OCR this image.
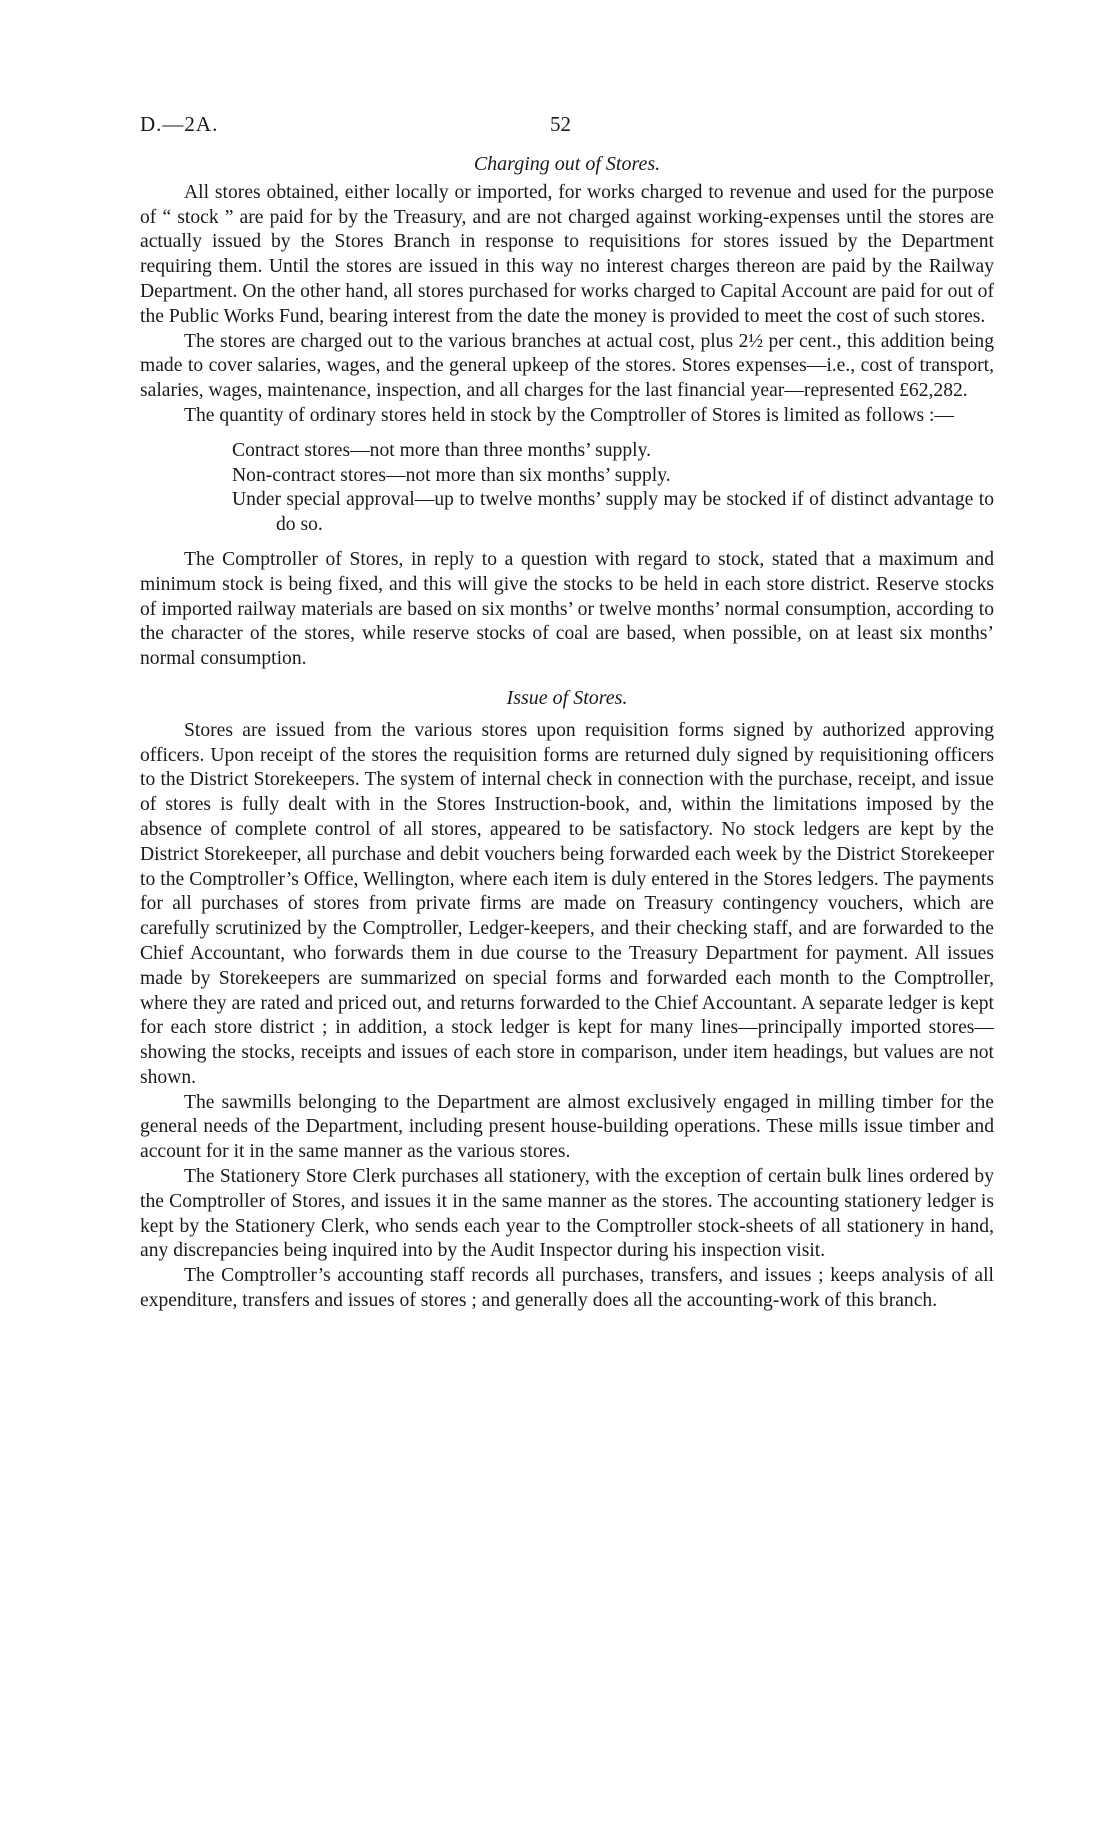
D.—2A.	52
Charging out of Stores.

All stores obtained, either locally or imported, for works charged to revenue and used for the purpose of “ stock ” are paid for by the Treasury, and are not charged against working-expenses until the stores are actually issued by the Stores Branch in response to requisitions for stores issued by the Department requiring them. Until the stores are issued in this way no interest charges thereon are paid by the Railway Department. On the other hand, all stores purchased for works charged to Capital Account are paid for out of the Public Works Fund, bearing interest from the date the money is provided to meet the cost of such stores.

The stores are charged out to the various branches at actual cost, plus 2½ per cent., this addition being made to cover salaries, wages, and the general upkeep of the stores. Stores expenses—i.e., cost of transport, salaries, wages, maintenance, inspection, and all charges for the last financial year—represented £62,282.

The quantity of ordinary stores held in stock by the Comptroller of Stores is limited as follows :—

Contract stores—not more than three months’ supply.

Non-contract stores—not more than six months’ supply.

Under special approval—up to twelve months’ supply may be stocked if of distinct advantage to do so.

The Comptroller of Stores, in reply to a question with regard to stock, stated that a maximum and minimum stock is being fixed, and this will give the stocks to be held in each store district. Reserve stocks of imported railway materials are based on six months’ or twelve months’ normal consumption, according to the character of the stores, while reserve stocks of coal are based, when possible, on at least six months’ normal consumption.

Issue of Stores.

Stores are issued from the various stores upon requisition forms signed by authorized approving officers. Upon receipt of the stores the requisition forms are returned duly signed by requisitioning officers to the District Storekeepers. The system of internal check in connection with the purchase, receipt, and issue of stores is fully dealt with in the Stores Instruction-book, and, within the limitations imposed by the absence of complete control of all stores, appeared to be satisfactory. No stock ledgers are kept by the District Storekeeper, all purchase and debit vouchers being forwarded each week by the District Storekeeper to the Comptroller’s Office, Wellington, where each item is duly entered in the Stores ledgers. The payments for all purchases of stores from private firms are made on Treasury contingency vouchers, which are carefully scrutinized by the Comptroller, Ledger-keepers, and their checking staff, and are forwarded to the Chief Accountant, who forwards them in due course to the Treasury Department for payment. All issues made by Storekeepers are summarized on special forms and forwarded each month to the Comptroller, where they are rated and priced out, and returns forwarded to the Chief Accountant. A separate ledger is kept for each store district ; in addition, a stock ledger is kept for many lines—principally imported stores—showing the stocks, receipts and issues of each store in comparison, under item headings, but values are not shown.

The sawmills belonging to the Department are almost exclusively engaged in milling timber for the general needs of the Department, including present house-building operations. These mills issue timber and account for it in the same manner as the various stores.

The Stationery Store Clerk purchases all stationery, with the exception of certain bulk lines ordered by the Comptroller of Stores, and issues it in the same manner as the stores. The accounting stationery ledger is kept by the Stationery Clerk, who sends each year to the Comptroller stock-sheets of all stationery in hand, any discrepancies being inquired into by the Audit Inspector during his inspection visit.

The Comptroller’s accounting staff records all purchases, transfers, and issues ; keeps analysis of all expenditure, transfers and issues of stores ; and generally does all the accounting-work of this branch.
